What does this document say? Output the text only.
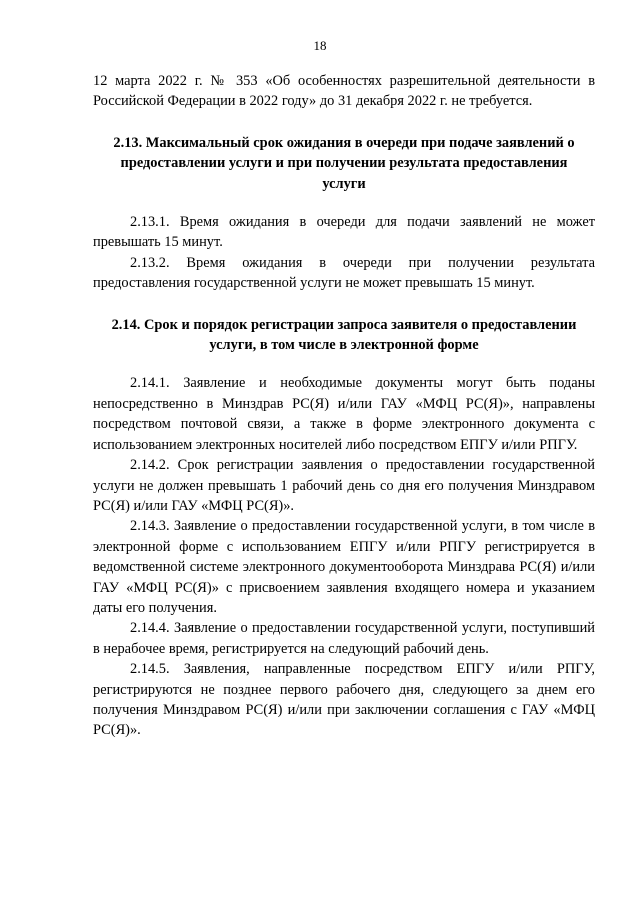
18

12 марта 2022 г. № 353 «Об особенностях разрешительной деятельности в Российской Федерации в 2022 году» до 31 декабря 2022 г. не требуется.

2.13. Максимальный срок ожидания в очереди при подаче заявлений о предоставлении услуги и при получении результата предоставления услуги

2.13.1. Время ожидания в очереди для подачи заявлений не может превышать 15 минут.

2.13.2. Время ожидания в очереди при получении результата предоставления государственной услуги не может превышать 15 минут.

2.14. Срок и порядок регистрации запроса заявителя о предоставлении услуги, в том числе в электронной форме

2.14.1. Заявление и необходимые документы могут быть поданы непосредственно в Минздрав РС(Я) и/или ГАУ «МФЦ РС(Я)», направлены посредством почтовой связи, а также в форме электронного документа с использованием электронных носителей либо посредством ЕПГУ и/или РПГУ.

2.14.2. Срок регистрации заявления о предоставлении государственной услуги не должен превышать 1 рабочий день со дня его получения Минздравом РС(Я) и/или ГАУ «МФЦ РС(Я)».

2.14.3. Заявление о предоставлении государственной услуги, в том числе в электронной форме с использованием ЕПГУ и/или РПГУ регистрируется в ведомственной системе электронного документооборота Минздрава РС(Я) и/или ГАУ «МФЦ РС(Я)» с присвоением заявления входящего номера и указанием даты его получения.

2.14.4. Заявление о предоставлении государственной услуги, поступивший в нерабочее время, регистрируется на следующий рабочий день.

2.14.5. Заявления, направленные посредством ЕПГУ и/или РПГУ, регистрируются не позднее первого рабочего дня, следующего за днем его получения Минздравом РС(Я) и/или при заключении соглашения с ГАУ «МФЦ РС(Я)».
